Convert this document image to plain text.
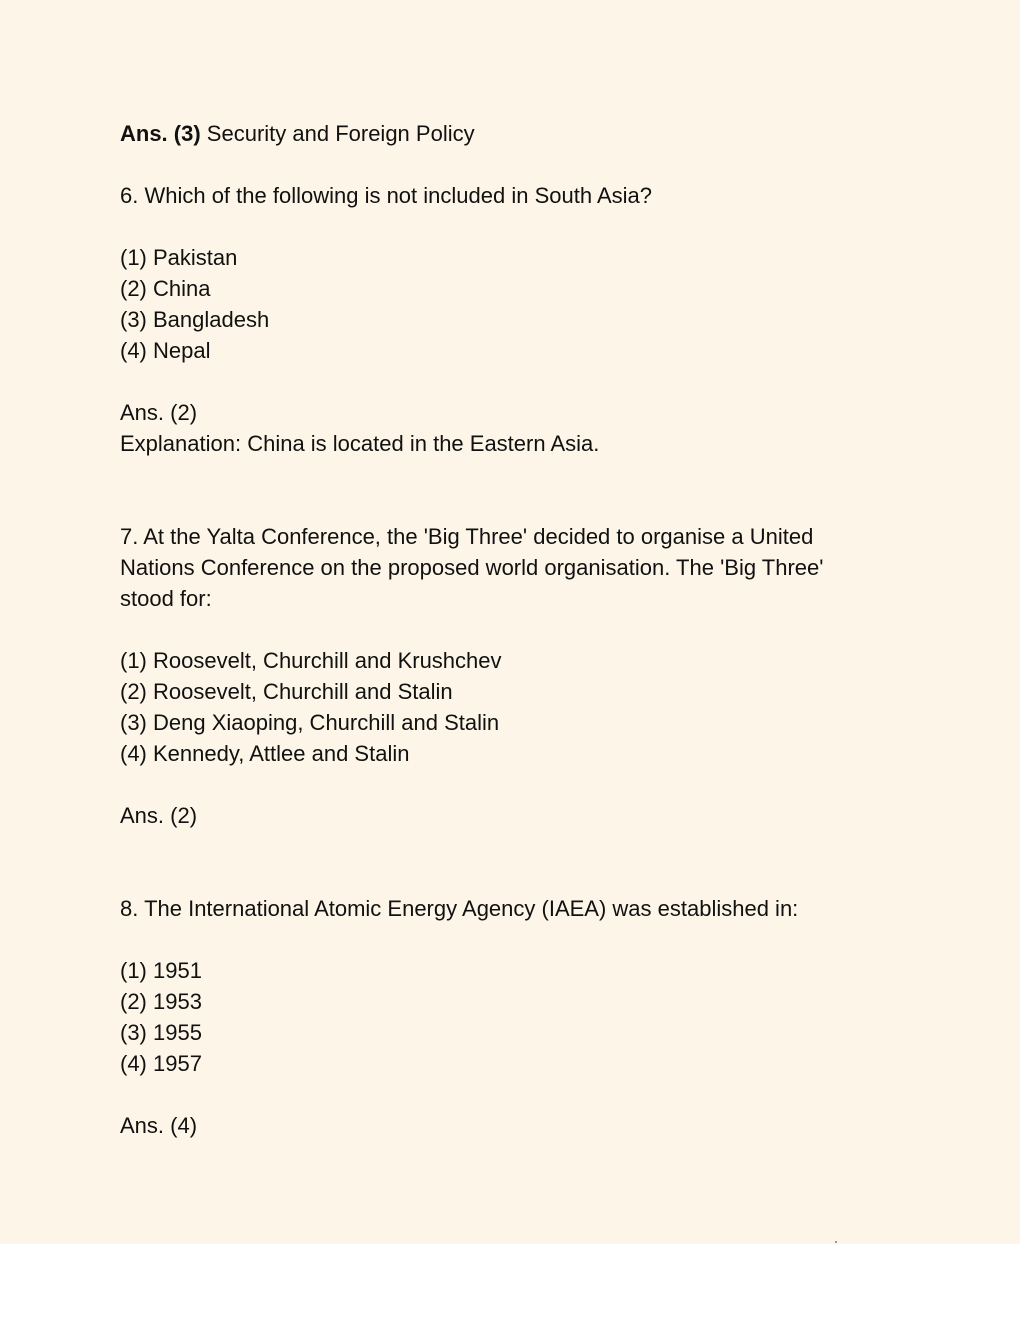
Ans. (3) Security and Foreign Policy
6. Which of the following is not included in South Asia?
(1) Pakistan
(2) China
(3) Bangladesh
(4) Nepal
Ans. (2)
Explanation: China is located in the Eastern Asia.
7. At the Yalta Conference, the 'Big Three' decided to organise a United
Nations Conference on the proposed world organisation. The 'Big Three'
stood for:
(1) Roosevelt, Churchill and Krushchev
(2) Roosevelt, Churchill and Stalin
(3) Deng Xiaoping, Churchill and Stalin
(4) Kennedy, Attlee and Stalin
Ans. (2)
8. The International Atomic Energy Agency (IAEA) was established in:
(1) 1951
(2) 1953
(3) 1955
(4) 1957
Ans. (4)
